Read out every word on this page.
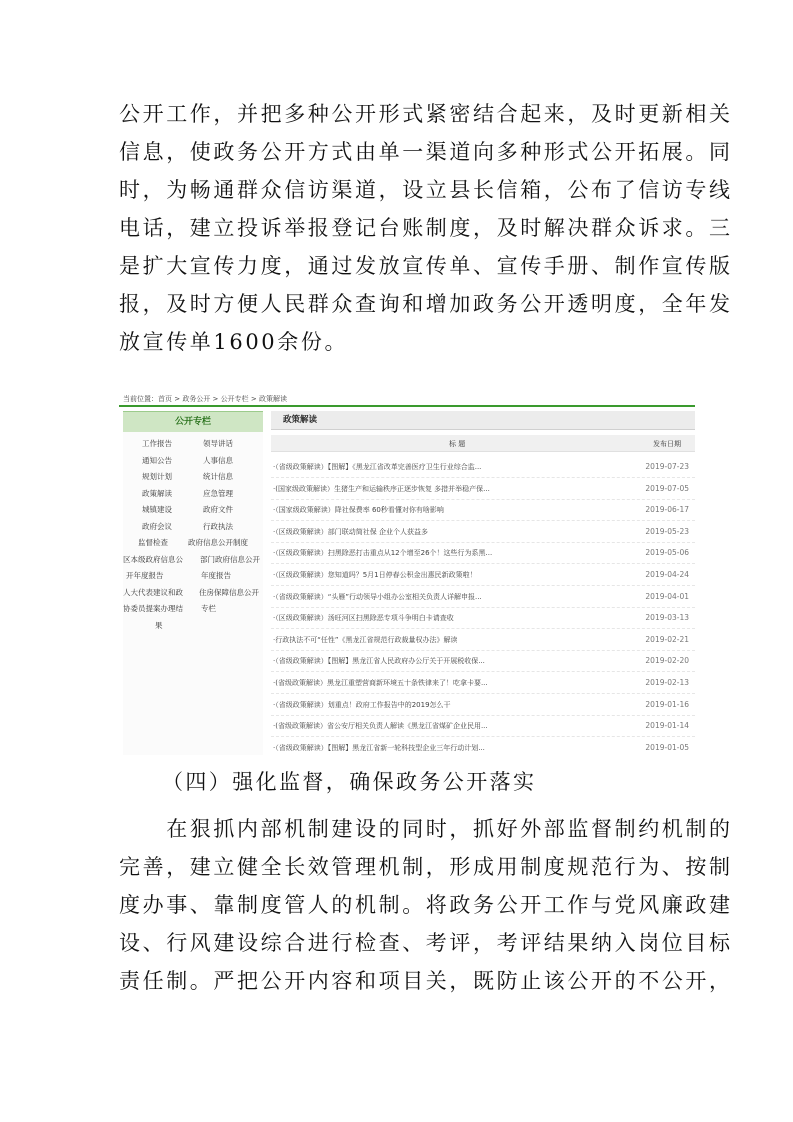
公开工作，并把多种公开形式紧密结合起来，及时更新相关
信息，使政务公开方式由单一渠道向多种形式公开拓展。同
时，为畅通群众信访渠道，设立县长信箱，公布了信访专线
电话，建立投诉举报登记台账制度，及时解决群众诉求。三
是扩大宣传力度，通过发放宣传单、宣传手册、制作宣传版
报，及时方便人民群众查询和增加政务公开透明度，全年发
放宣传单1600余份。
当前位置：首页 > 政务公开 > 公开专栏 > 政策解读
公开专栏
工作报告	领导讲话
通知公告	人事信息
规划计划	统计信息
政策解读	应急管理
城镇建设	政府文件
政府会议	行政执法
监督检查	政府信息公开制度
区本级政府信息公 部门政府信息公开
开年度报告	年度报告
人大代表建议和政 住房保障信息公开
协委员提案办理结 专栏
果
政策解读
标 题	发布日期
·（省级政策解读）【图解】《黑龙江省改革完善医疗卫生行业综合监...	2019-07-23
·(国家级政策解读）生猪生产和运输秩序正逐步恢复 多措并举稳产保...	2019-07-05
·（国家级政策解读）降社保费率 60秒看懂对你有啥影响	2019-06-17
·（区级政策解读）部门联动简社保 企业个人获益多	2019-05-23
·（区级政策解读）扫黑除恶打击重点从12个增至26个！这些行为系黑...	2019-05-06
·（区级政策解读）您知道吗？5月1日停春公积金出惠民新政策啦！	2019-04-24
·（省级政策解读）“头雁”行动领导小组办公室相关负责人详解申报...	2019-04-01
·（区级政策解读）汤旺河区扫黑除恶专项斗争明白卡请查收	2019-03-13
·行政执法不可“任性”《黑龙江省规范行政裁量权办法》解读	2019-02-21
·（省级政策解读）【图解】黑龙江省人民政府办公厅关于开展税收保...	2019-02-20
·(省级政策解读）黑龙江重塑营商新环境五十条铁律来了！吃拿卡要...	2019-02-13
·（省级政策解读）划重点！政府工作报告中的2019怎么干	2019-01-16
·(省级政策解读）省公安厅相关负责人解读《黑龙江省煤矿企业民用...	2019-01-14
·（省级政策解读）【图解】黑龙江省新一轮科技型企业三年行动计划...	2019-01-05
（四）强化监督，确保政务公开落实
　　在狠抓内部机制建设的同时，抓好外部监督制约机制的
完善，建立健全长效管理机制，形成用制度规范行为、按制
度办事、靠制度管人的机制。将政务公开工作与党风廉政建
设、行风建设综合进行检查、考评，考评结果纳入岗位目标
责任制。严把公开内容和项目关，既防止该公开的不公开，
